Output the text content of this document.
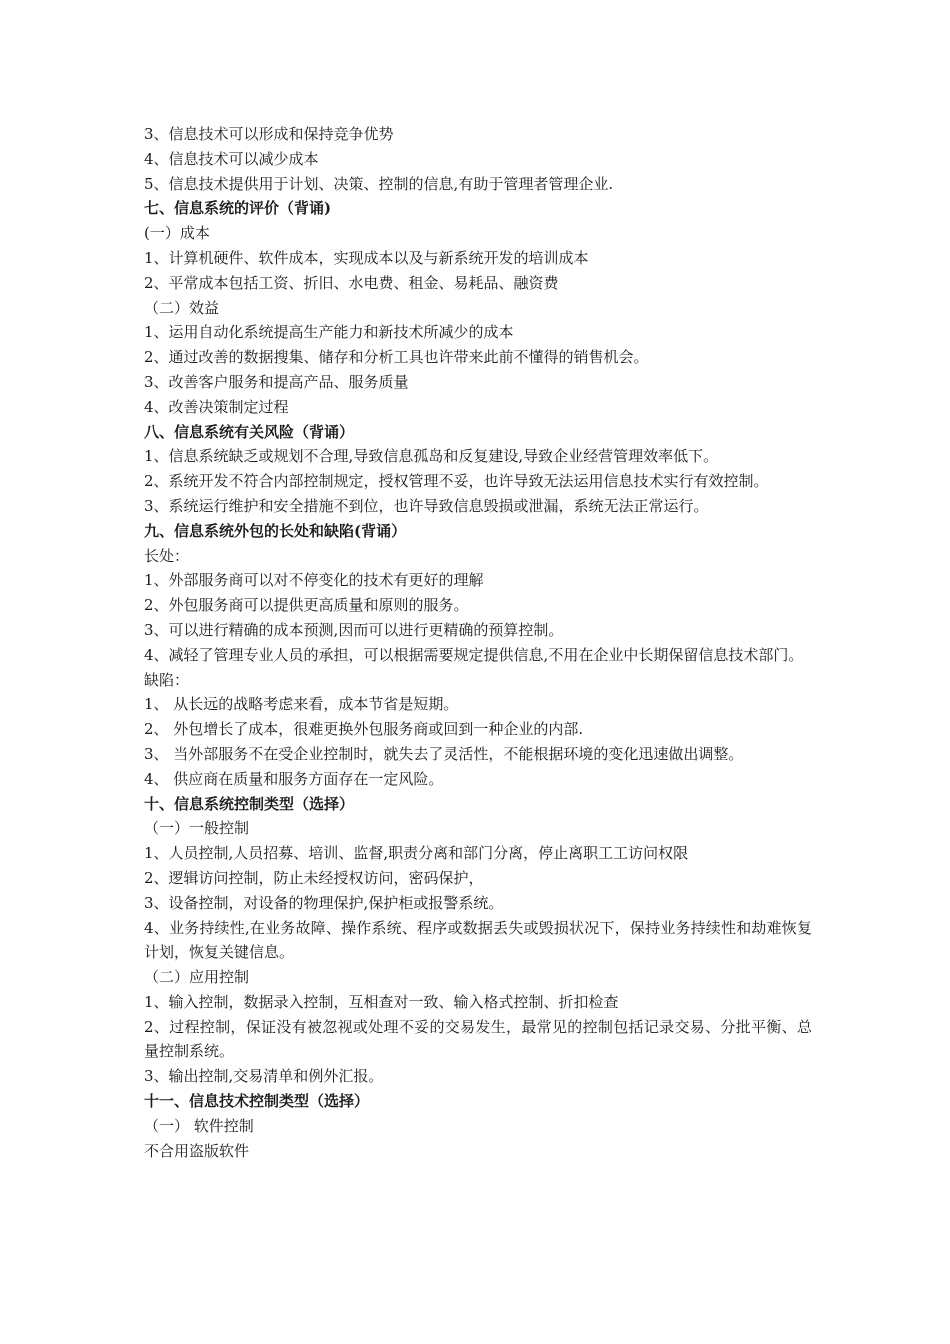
3、信息技术可以形成和保持竞争优势
4、信息技术可以减少成本
5、信息技术提供用于计划、决策、控制的信息,有助于管理者管理企业.
七、信息系统的评价（背诵)
(一）成本
1、计算机硬件、软件成本，实现成本以及与新系统开发的培训成本
2、平常成本包括工资、折旧、水电费、租金、易耗品、融资费
（二）效益
1、运用自动化系统提高生产能力和新技术所减少的成本
2、通过改善的数据搜集、储存和分析工具也许带来此前不懂得的销售机会。
3、改善客户服务和提高产品、服务质量
4、改善决策制定过程
八、信息系统有关风险（背诵）
1、信息系统缺乏或规划不合理,导致信息孤岛和反复建设,导致企业经营管理效率低下。
2、系统开发不符合内部控制规定，授权管理不妥，也许导致无法运用信息技术实行有效控制。
3、系统运行维护和安全措施不到位，也许导致信息毁损或泄漏，系统无法正常运行。
九、信息系统外包的长处和缺陷(背诵）
长处：
1、外部服务商可以对不停变化的技术有更好的理解
2、外包服务商可以提供更高质量和原则的服务。
3、可以进行精确的成本预测,因而可以进行更精确的预算控制。
4、减轻了管理专业人员的承担，可以根据需要规定提供信息,不用在企业中长期保留信息技术部门。
缺陷：
1、 从长远的战略考虑来看，成本节省是短期。
2、 外包增长了成本，很难更换外包服务商或回到一种企业的内部.
3、 当外部服务不在受企业控制时，就失去了灵活性，不能根据环境的变化迅速做出调整。
4、 供应商在质量和服务方面存在一定风险。
十、信息系统控制类型（选择）
（一）一般控制
1、人员控制,人员招募、培训、监督,职责分离和部门分离，停止离职工工访问权限
2、逻辑访问控制，防止未经授权访问，密码保护，
3、设备控制，对设备的物理保护,保护柜或报警系统。
4、业务持续性,在业务故障、操作系统、程序或数据丢失或毁损状况下，保持业务持续性和劫难恢复计划，恢复关键信息。
（二）应用控制
1、输入控制，数据录入控制，互相查对一致、输入格式控制、折扣检查
2、过程控制，保证没有被忽视或处理不妥的交易发生，最常见的控制包括记录交易、分批平衡、总量控制系统。
3、输出控制,交易清单和例外汇报。
十一、信息技术控制类型（选择）
（一） 软件控制
不合用盗版软件
